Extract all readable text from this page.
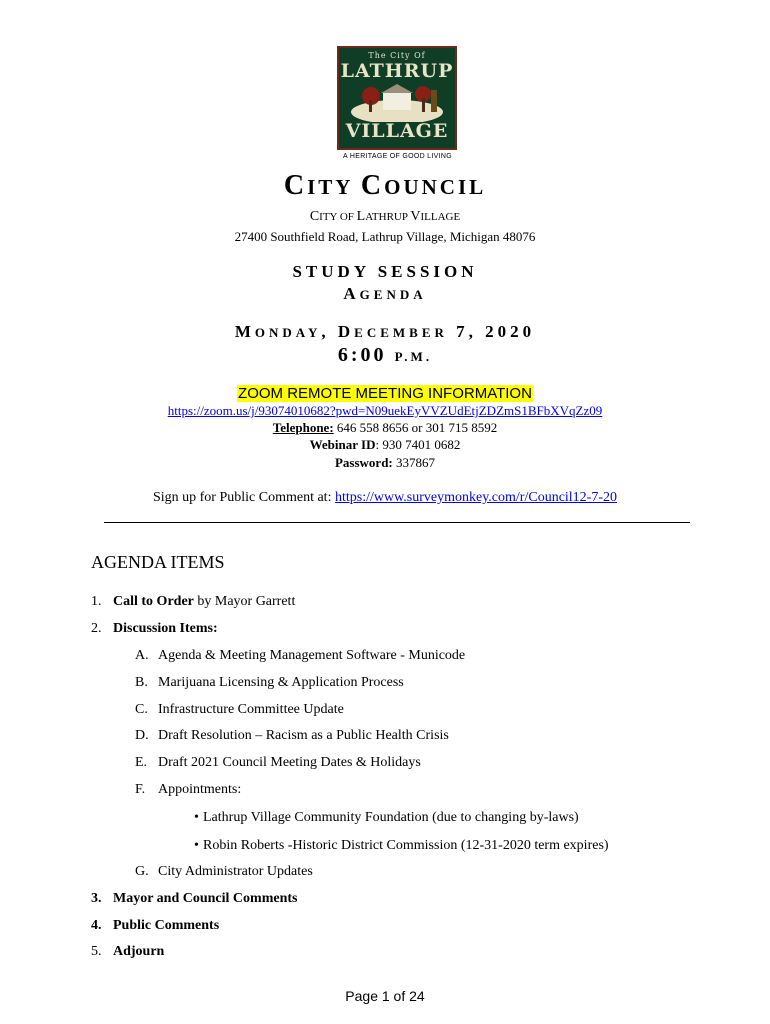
The City Of
LATHRUP
VILLAGE
A HERITAGE OF GOOD LIVING
CITY COUNCIL
CITY OF LATHRUP VILLAGE
27400 Southfield Road, Lathrup Village, Michigan 48076
STUDY SESSION
AGENDA
MONDAY, DECEMBER 7, 2020
6:00 P.M.
ZOOM REMOTE MEETING INFORMATION
https://zoom.us/j/93074010682?pwd=N09uekEyVVZUdEtjZDZmS1BFbXVqZz09
Telephone: 646 558 8656 or 301 715 8592
Webinar ID: 930 7401 0682
Password: 337867
Sign up for Public Comment at: https://www.surveymonkey.com/r/Council12-7-20
AGENDA ITEMS
1. Call to Order by Mayor Garrett
2. Discussion Items:
A. Agenda & Meeting Management Software - Municode
B. Marijuana Licensing & Application Process
C. Infrastructure Committee Update
D. Draft Resolution – Racism as a Public Health Crisis
E. Draft 2021 Council Meeting Dates & Holidays
F. Appointments:
• Lathrup Village Community Foundation (due to changing by-laws)
• Robin Roberts -Historic District Commission (12-31-2020 term expires)
G. City Administrator Updates
3. Mayor and Council Comments
4. Public Comments
5. Adjourn
Page 1 of 24
